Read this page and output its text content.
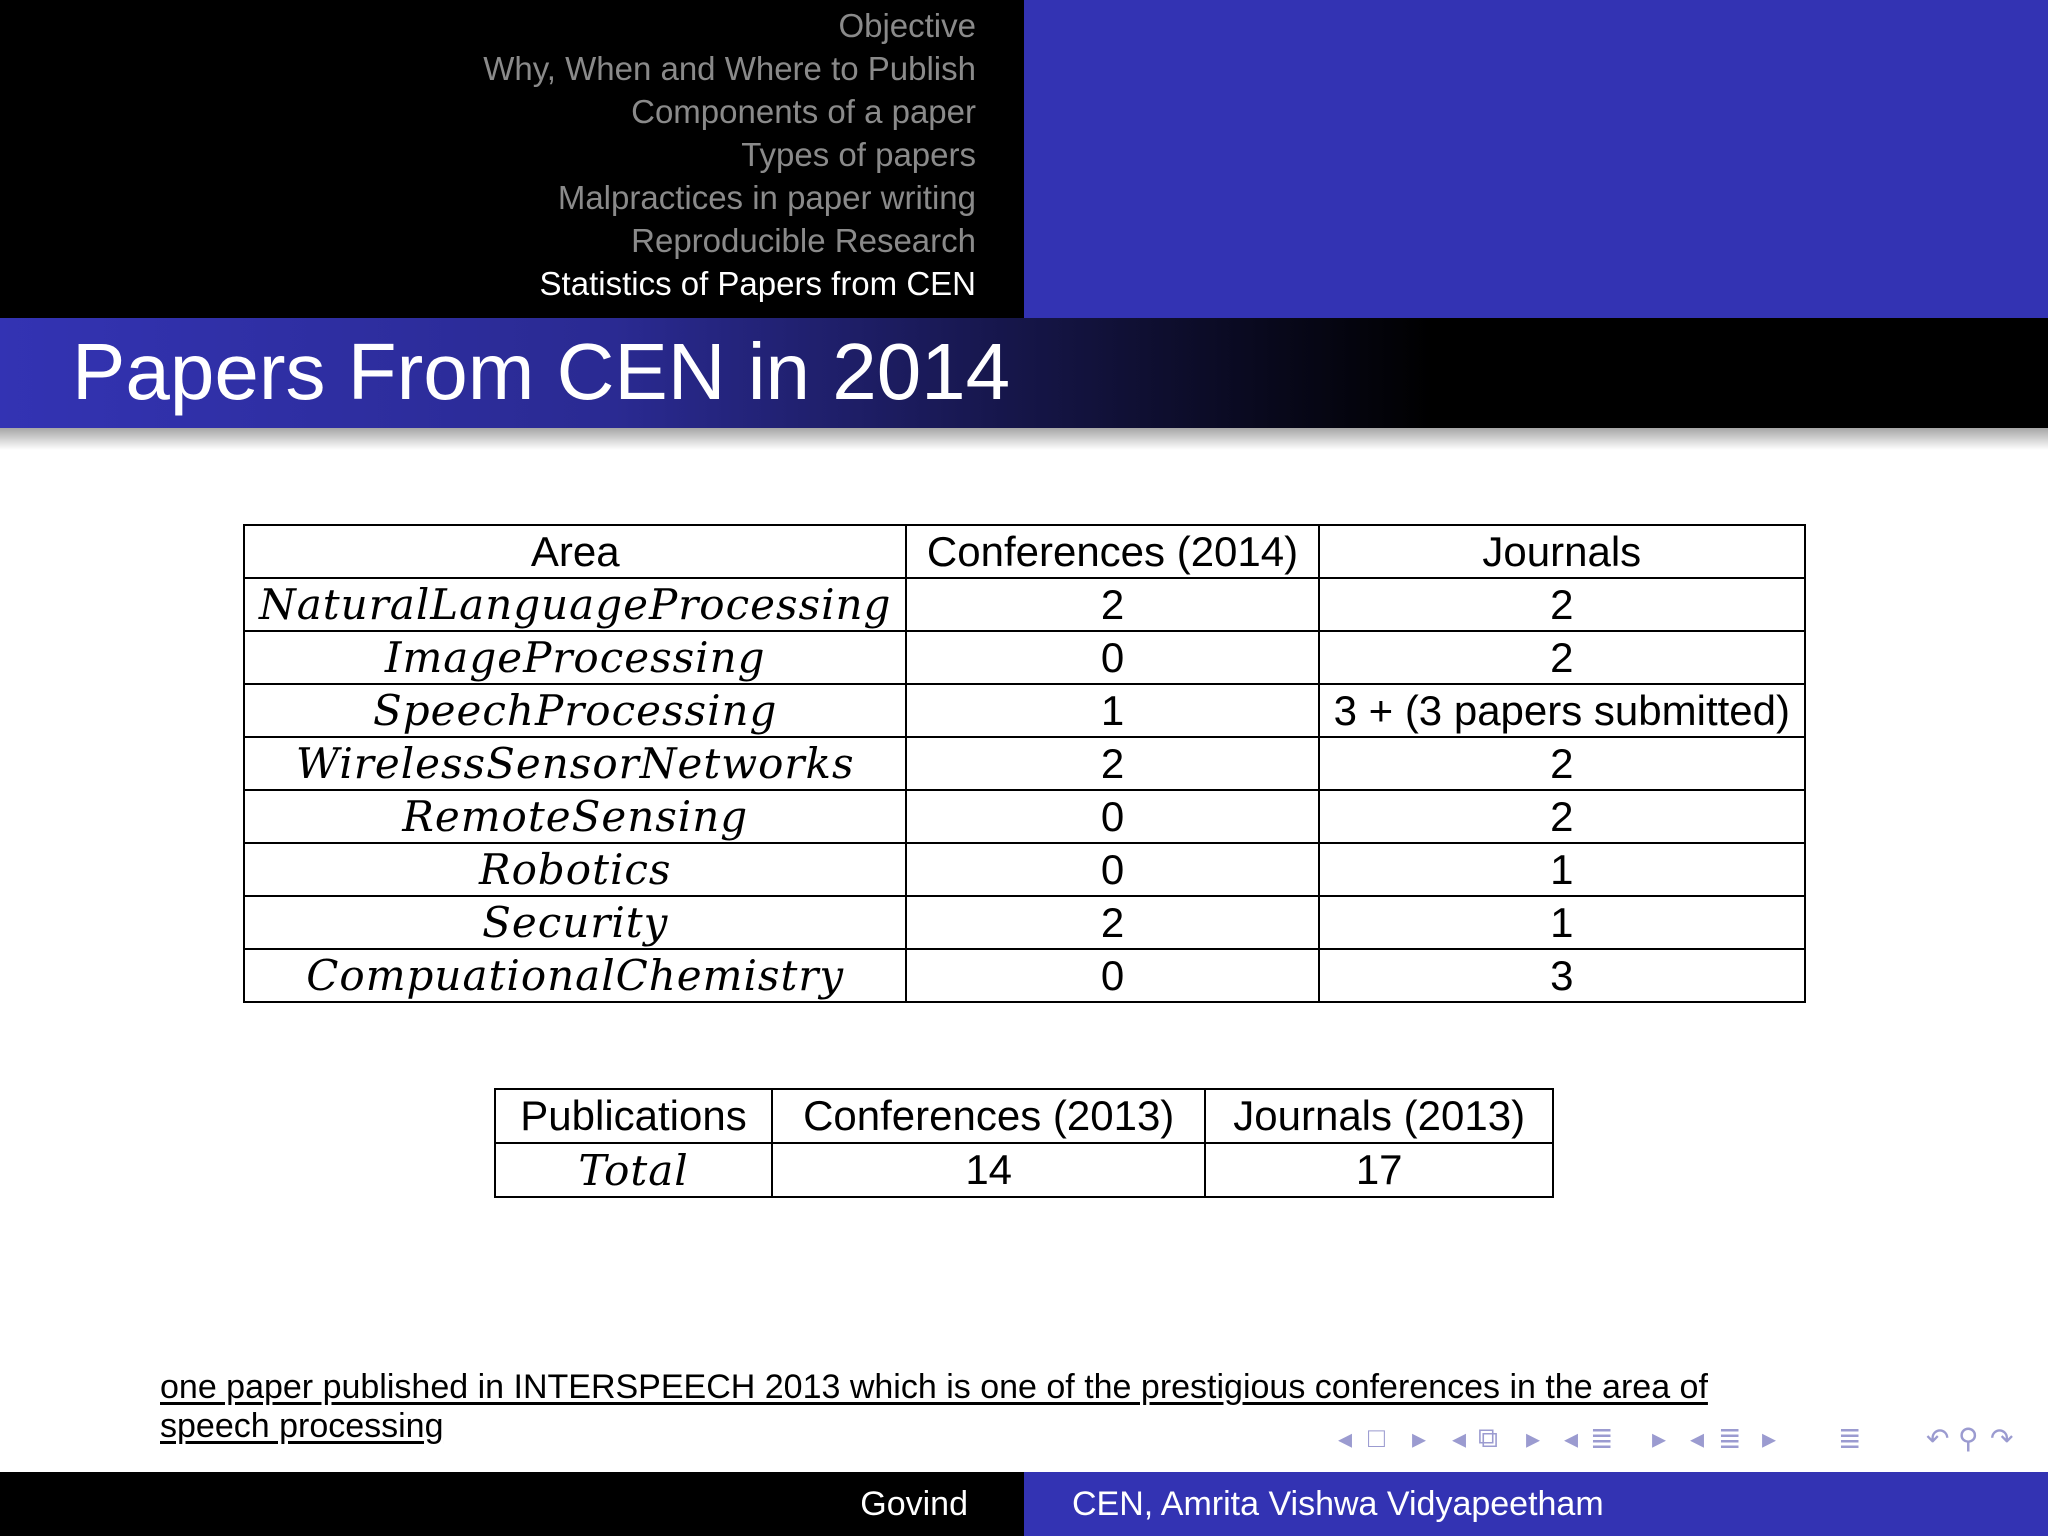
Objective
Why, When and Where to Publish
Components of a paper
Types of papers
Malpractices in paper writing
Reproducible Research
Statistics of Papers from CEN
Papers From CEN in 2014
Area	Conferences (2014)	Journals
NaturalLanguageProcessing	2	2
ImageProcessing	0	2
SpeechProcessing	1	3 + (3 papers submitted)
WirelessSensorNetworks	2	2
RemoteSensing	0	2
Robotics	0	1
Security	2	1
CompuationalChemistry	0	3
Publications	Conferences (2013)	Journals (2013)
Total	14	17
one paper published in INTERSPEECH 2013 which is one of the prestigious conferences in the area of speech processing	◂ □ ▸ ◂ ⧉ ▸ ◂ ≣ ▸ ◂ ≣ ▸ ≣ ↶ ⚲ ↷
Govind	CEN, Amrita Vishwa Vidyapeetham
